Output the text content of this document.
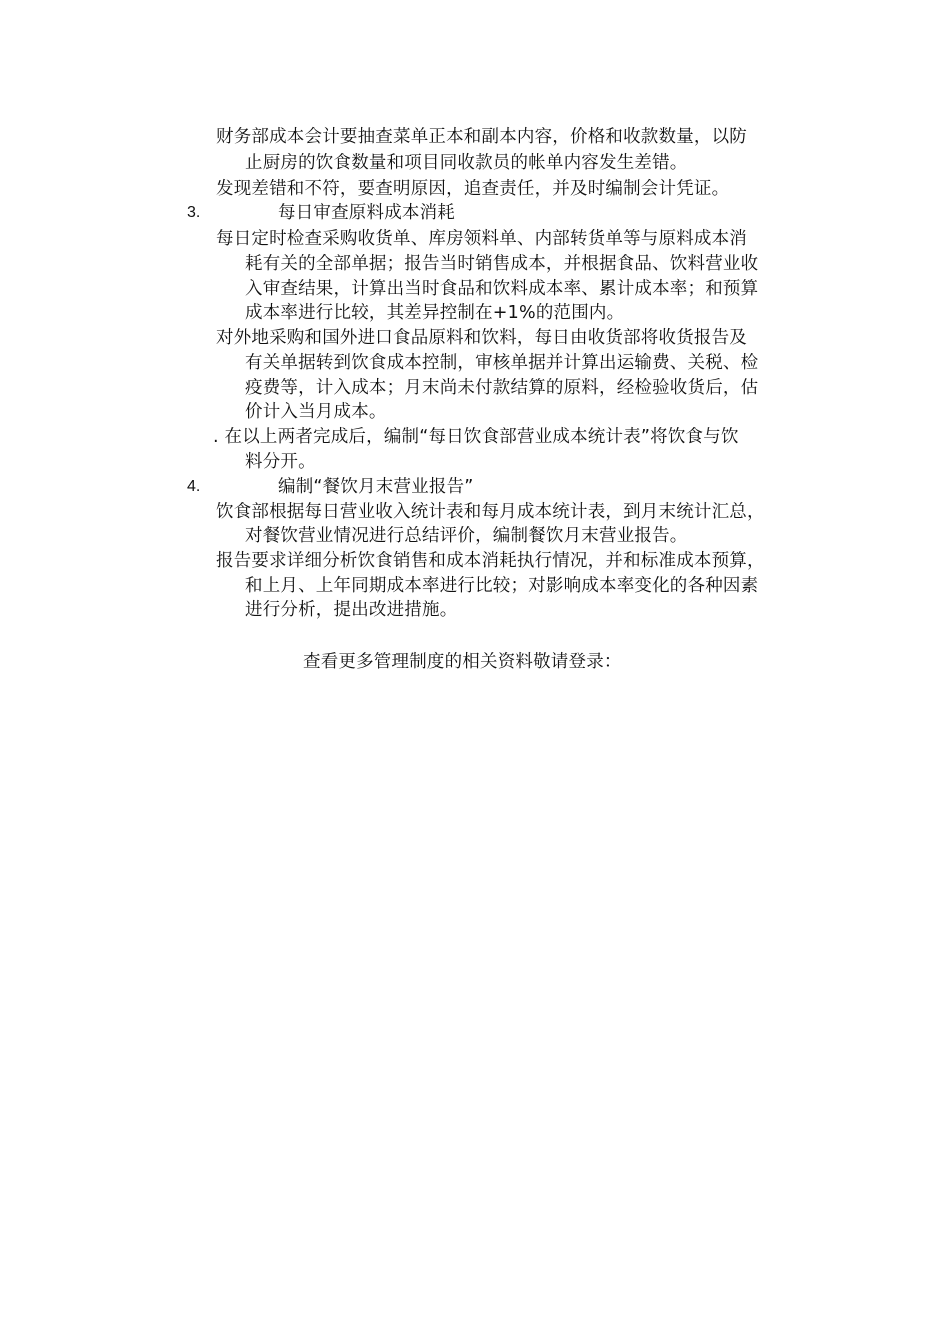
财务部成本会计要抽查菜单正本和副本内容，价格和收款数量，以防
止厨房的饮食数量和项目同收款员的帐单内容发生差错。
发现差错和不符，要查明原因，追查责任，并及时编制会计凭证。
3.	每日审查原料成本消耗
每日定时检查采购收货单、库房领料单、内部转货单等与原料成本消
耗有关的全部单据；报告当时销售成本，并根据食品、饮料营业收
入审查结果，计算出当时食品和饮料成本率、累计成本率；和预算
成本率进行比较，其差异控制在+1%的范围内。
对外地采购和国外进口食品原料和饮料，每日由收货部将收货报告及
有关单据转到饮食成本控制，审核单据并计算出运输费、关税、检
疫费等，计入成本；月末尚未付款结算的原料，经检验收货后，估
价计入当月成本。
. 在以上两者完成后，编制“每日饮食部营业成本统计表”将饮食与饮
料分开。
4.	编制“餐饮月末营业报告”
饮食部根据每日营业收入统计表和每月成本统计表，到月末统计汇总，
对餐饮营业情况进行总结评价，编制餐饮月末营业报告。
报告要求详细分析饮食销售和成本消耗执行情况，并和标准成本预算，
和上月、上年同期成本率进行比较；对影响成本率变化的各种因素
进行分析，提出改进措施。
查看更多管理制度的相关资料敬请登录：
